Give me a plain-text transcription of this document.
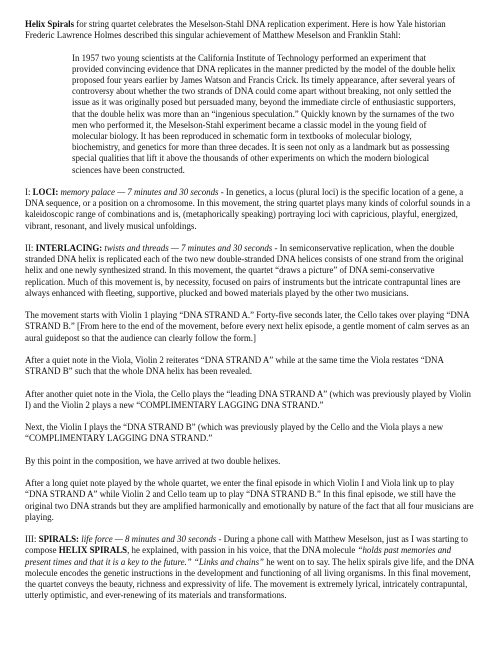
Helix Spirals for string quartet celebrates the Meselson-Stahl DNA replication experiment. Here is how Yale historian Frederic Lawrence Holmes described this singular achievement of Matthew Meselson and Franklin Stahl:

In 1957 two young scientists at the California Institute of Technology performed an experiment that provided convincing evidence that DNA replicates in the manner predicted by the model of the double helix proposed four years earlier by James Watson and Francis Crick. Its timely appearance, after several years of controversy about whether the two strands of DNA could come apart without breaking, not only settled the issue as it was originally posed but persuaded many, beyond the immediate circle of enthusiastic supporters, that the double helix was more than an “ingenious speculation.” Quickly known by the surnames of the two men who performed it, the Meselson-Stahl experiment became a classic model in the young field of molecular biology. It has been reproduced in schematic form in textbooks of molecular biology, biochemistry, and genetics for more than three decades. It is seen not only as a landmark but as possessing special qualities that lift it above the thousands of other experiments on which the modern biological sciences have been constructed.

I: LOCI: memory palace — 7 minutes and 30 seconds - In genetics, a locus (plural loci) is the specific location of a gene, a DNA sequence, or a position on a chromosome. In this movement, the string quartet plays many kinds of colorful sounds in a kaleidoscopic range of combinations and is, (metaphorically speaking) portraying loci with capricious, playful, energized, vibrant, resonant, and lively musical unfoldings.

II: INTERLACING: twists and threads — 7 minutes and 30 seconds - In semiconservative replication, when the double stranded DNA helix is replicated each of the two new double-stranded DNA helices consists of one strand from the original helix and one newly synthesized strand. In this movement, the quartet “draws a picture” of DNA semi-conservative replication. Much of this movement is, by necessity, focused on pairs of instruments but the intricate contrapuntal lines are always enhanced with fleeting, supportive, plucked and bowed materials played by the other two musicians.

The movement starts with Violin 1 playing “DNA STRAND A.” Forty-five seconds later, the Cello takes over playing “DNA STRAND B.” [From here to the end of the movement, before every next helix episode, a gentle moment of calm serves as an aural guidepost so that the audience can clearly follow the form.]

After a quiet note in the Viola, Violin 2 reiterates “DNA STRAND A” while at the same time the Viola restates “DNA STRAND B” such that the whole DNA helix has been revealed.

After another quiet note in the Viola, the Cello plays the “leading DNA STRAND A” (which was previously played by Violin I) and the Violin 2 plays a new “COMPLIMENTARY LAGGING DNA STRAND.”

Next, the Violin I plays the “DNA STRAND B” (which was previously played by the Cello and the Viola plays a new “COMPLIMENTARY LAGGING DNA STRAND.”

By this point in the composition, we have arrived at two double helixes.

After a long quiet note played by the whole quartet, we enter the final episode in which Violin I and Viola link up to play “DNA STRAND A” while Violin 2 and Cello team up to play “DNA STRAND B.” In this final episode, we still have the original two DNA strands but they are amplified harmonically and emotionally by nature of the fact that all four musicians are playing.

III: SPIRALS: life force — 8 minutes and 30 seconds - During a phone call with Matthew Meselson, just as I was starting to compose HELIX SPIRALS, he explained, with passion in his voice, that the DNA molecule “holds past memories and present times and that it is a key to the future.” “Links and chains” he went on to say. The helix spirals give life, and the DNA molecule encodes the genetic instructions in the development and functioning of all living organisms. In this final movement, the quartet conveys the beauty, richness and expressivity of life. The movement is extremely lyrical, intricately contrapuntal, utterly optimistic, and ever-renewing of its materials and transformations.
